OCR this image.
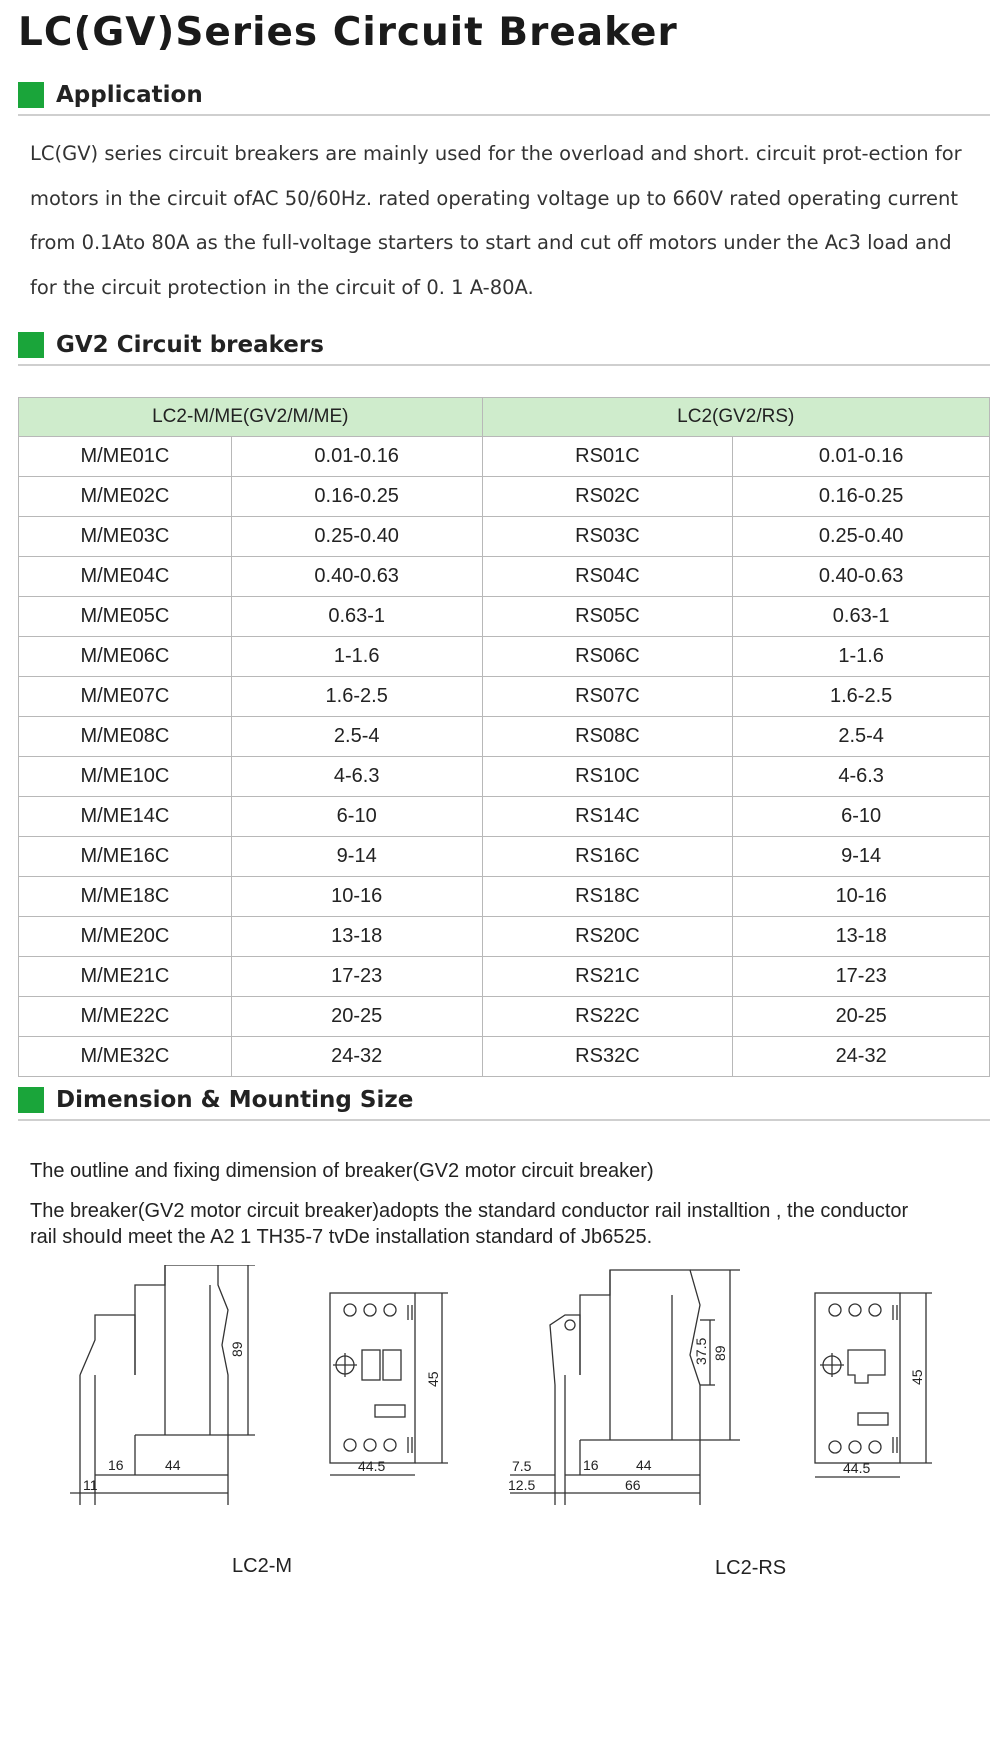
LC(GV)Series Circuit Breaker
Application
LC(GV) series circuit breakers are mainly used for the overload and short. circuit prot-ection for
motors in the circuit ofAC 50/60Hz. rated operating voltage up to 660V rated operating current
from 0.1Ato 80A as the full-voltage starters to start and cut off motors under the Ac3 load and
for the circuit protection in the circuit of 0. 1 A-80A.
GV2 Circuit breakers
LC2-M/ME(GV2/M/ME)		LC2(GV2/RS)	
M/ME01C	0.01-0.16	RS01C	0.01-0.16
M/ME02C	0.16-0.25	RS02C	0.16-0.25
M/ME03C	0.25-0.40	RS03C	0.25-0.40
M/ME04C	0.40-0.63	RS04C	0.40-0.63
M/ME05C	0.63-1	RS05C	0.63-1
M/ME06C	1-1.6	RS06C	1-1.6
M/ME07C	1.6-2.5	RS07C	1.6-2.5
M/ME08C	2.5-4	RS08C	2.5-4
M/ME10C	4-6.3	RS10C	4-6.3
M/ME14C	6-10	RS14C	6-10
M/ME16C	9-14	RS16C	9-14
M/ME18C	10-16	RS18C	10-16
M/ME20C	13-18	RS20C	13-18
M/ME21C	17-23	RS21C	17-23
M/ME22C	20-25	RS22C	20-25
M/ME32C	24-32	RS32C	24-32
Dimension & Mounting Size
The outline and fixing dimension of breaker(GV2 motor circuit breaker)
The breaker(GV2 motor circuit breaker)adopts the standard conductor rail installtion , the conductor
rail shouId meet the A2 1 TH35-7 tvDe installation standard of Jb6525.
89
16	44
11
45
44.5
89
37.5
16	44
7.5
12.5	66
45
44.5
LC2-M	LC2-RS
